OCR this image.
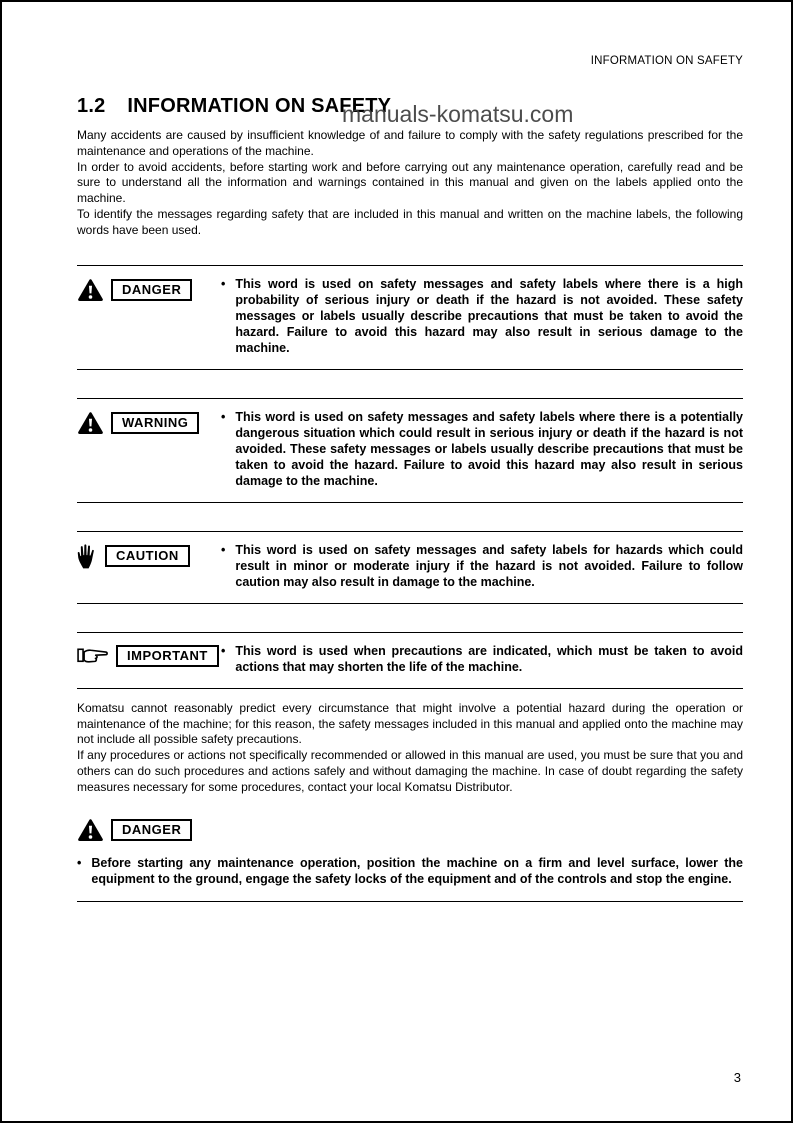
manuals-komatsu.com
INFORMATION ON SAFETY
1.2 INFORMATION ON SAFETY

Many accidents are caused by insufficient knowledge of and failure to comply with the safety regulations prescribed for the maintenance and operations of the machine.

In order to avoid accidents, before starting work and before carrying out any maintenance operation, carefully read and be sure to understand all the information and warnings contained in this manual and given on the labels applied onto the machine.

To identify the messages regarding safety that are included in this manual and written on the machine labels, the following words have been used.

DANGER •	This word is used on safety messages and safety labels where there is a high probability of serious injury or death if the hazard is not avoided. These safety messages or labels usually describe precautions that must be taken to avoid the hazard. Failure to avoid this hazard may also result in serious damage to the machine.

WARNING •	This word is used on safety messages and safety labels where there is a potentially dangerous situation which could result in serious injury or death if the hazard is not avoided. These safety messages or labels usually describe precautions that must be taken to avoid the hazard. Failure to avoid this hazard may also result in serious damage to the machine.

CAUTION •	This word is used on safety messages and safety labels for hazards which could result in minor or moderate injury if the hazard is not avoided. Failure to follow caution may also result in damage to the machine.

IMPORTANT •	This word is used when precautions are indicated, which must be taken to avoid actions that may shorten the life of the machine.

Komatsu cannot reasonably predict every circumstance that might involve a potential hazard during the operation or maintenance of the machine; for this reason, the safety messages included in this manual and applied onto the machine may not include all possible safety precautions.

If any procedures or actions not specifically recommended or allowed in this manual are used, you must be sure that you and others can do such procedures and actions safely and without damaging the machine. In case of doubt regarding the safety measures necessary for some procedures, contact your local Komatsu Distributor.

DANGER
•

Before starting any maintenance operation, position the machine on a firm and level surface, lower the equipment to the ground, engage the safety locks of the equipment and of the controls and stop the engine.

3
